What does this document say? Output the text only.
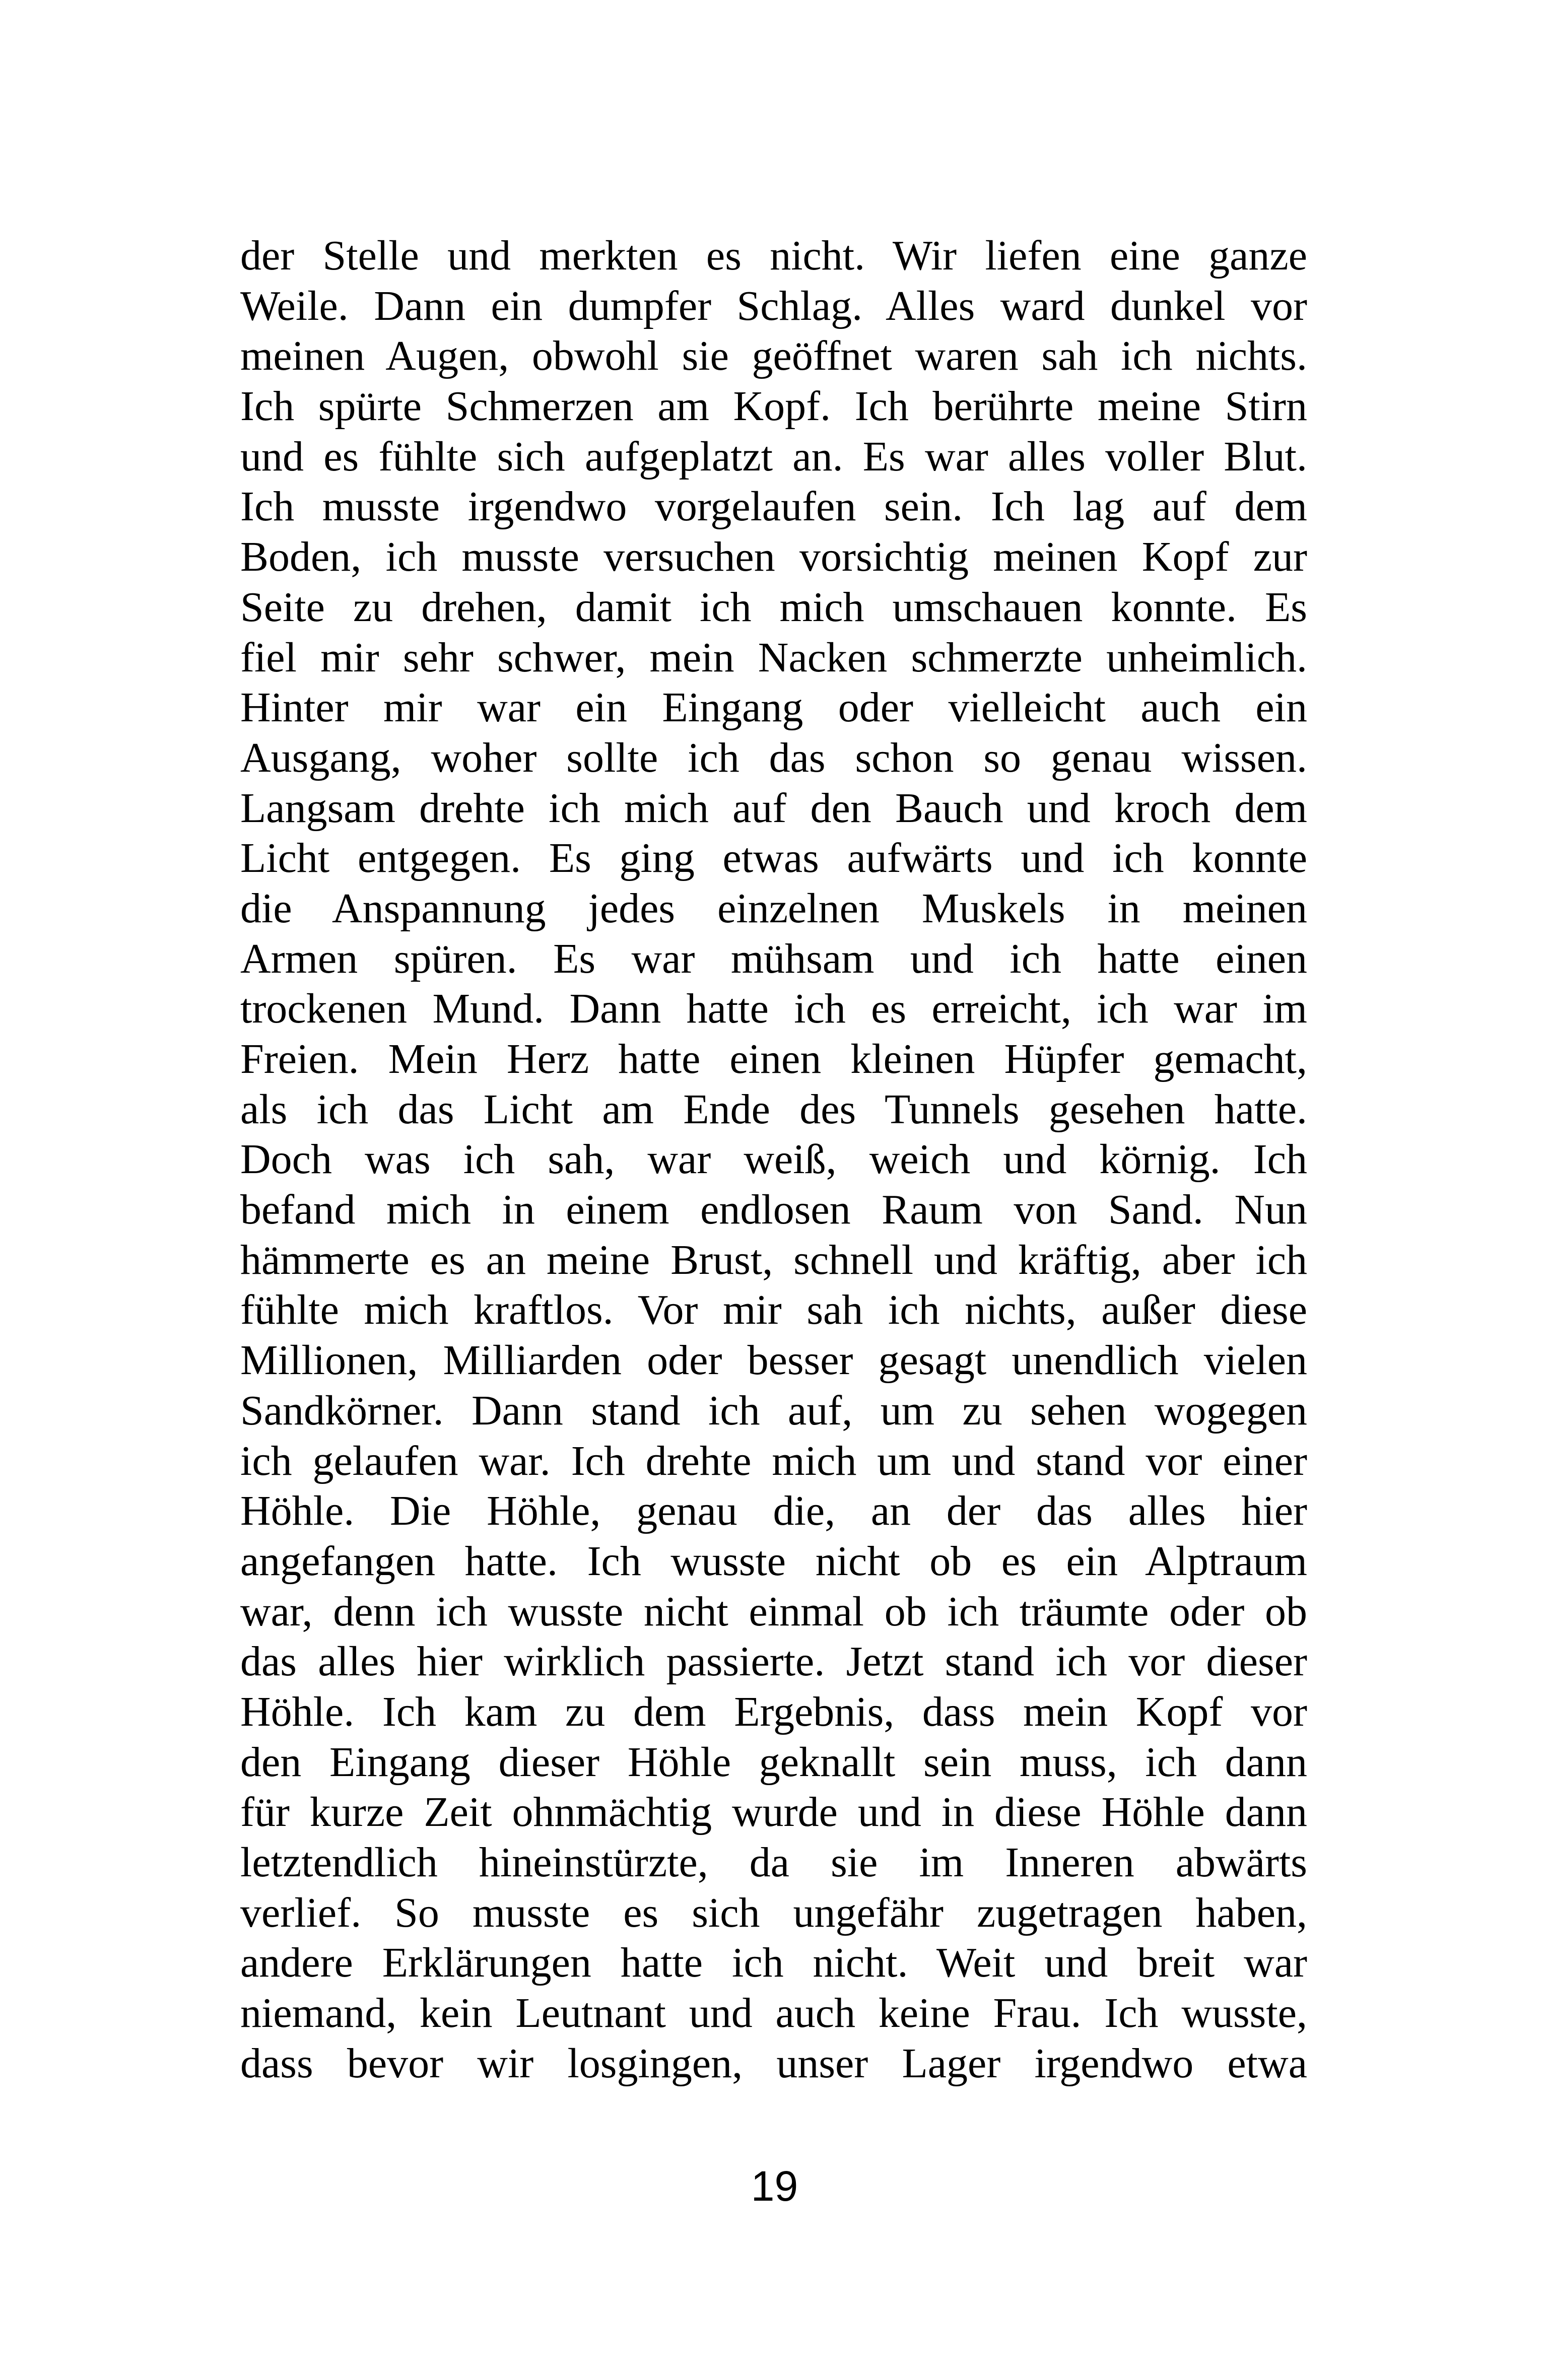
der Stelle und merkten es nicht. Wir liefen eine ganze
Weile. Dann ein dumpfer Schlag. Alles ward dunkel vor
meinen Augen, obwohl sie geöffnet waren sah ich nichts.
Ich spürte Schmerzen am Kopf. Ich berührte meine Stirn
und es fühlte sich aufgeplatzt an. Es war alles voller Blut.
Ich musste irgendwo vorgelaufen sein. Ich lag auf dem
Boden, ich musste versuchen vorsichtig meinen Kopf zur
Seite zu drehen, damit ich mich umschauen konnte. Es
fiel mir sehr schwer, mein Nacken schmerzte unheimlich.
Hinter mir war ein Eingang oder vielleicht auch ein
Ausgang, woher sollte ich das schon so genau wissen.
Langsam drehte ich mich auf den Bauch und kroch dem
Licht entgegen. Es ging etwas aufwärts und ich konnte
die Anspannung jedes einzelnen Muskels in meinen
Armen spüren. Es war mühsam und ich hatte einen
trockenen Mund. Dann hatte ich es erreicht, ich war im
Freien. Mein Herz hatte einen kleinen Hüpfer gemacht,
als ich das Licht am Ende des Tunnels gesehen hatte.
Doch was ich sah, war weiß, weich und körnig. Ich
befand mich in einem endlosen Raum von Sand. Nun
hämmerte es an meine Brust, schnell und kräftig, aber ich
fühlte mich kraftlos. Vor mir sah ich nichts, außer diese
Millionen, Milliarden oder besser gesagt unendlich vielen
Sandkörner. Dann stand ich auf, um zu sehen wogegen
ich gelaufen war. Ich drehte mich um und stand vor einer
Höhle. Die Höhle, genau die, an der das alles hier
angefangen hatte. Ich wusste nicht ob es ein Alptraum
war, denn ich wusste nicht einmal ob ich träumte oder ob
das alles hier wirklich passierte. Jetzt stand ich vor dieser
Höhle. Ich kam zu dem Ergebnis, dass mein Kopf vor
den Eingang dieser Höhle geknallt sein muss, ich dann
für kurze Zeit ohnmächtig wurde und in diese Höhle dann
letztendlich hineinstürzte, da sie im Inneren abwärts
verlief. So musste es sich ungefähr zugetragen haben,
andere Erklärungen hatte ich nicht. Weit und breit war
niemand, kein Leutnant und auch keine Frau. Ich wusste,
dass bevor wir losgingen, unser Lager irgendwo etwa
19
